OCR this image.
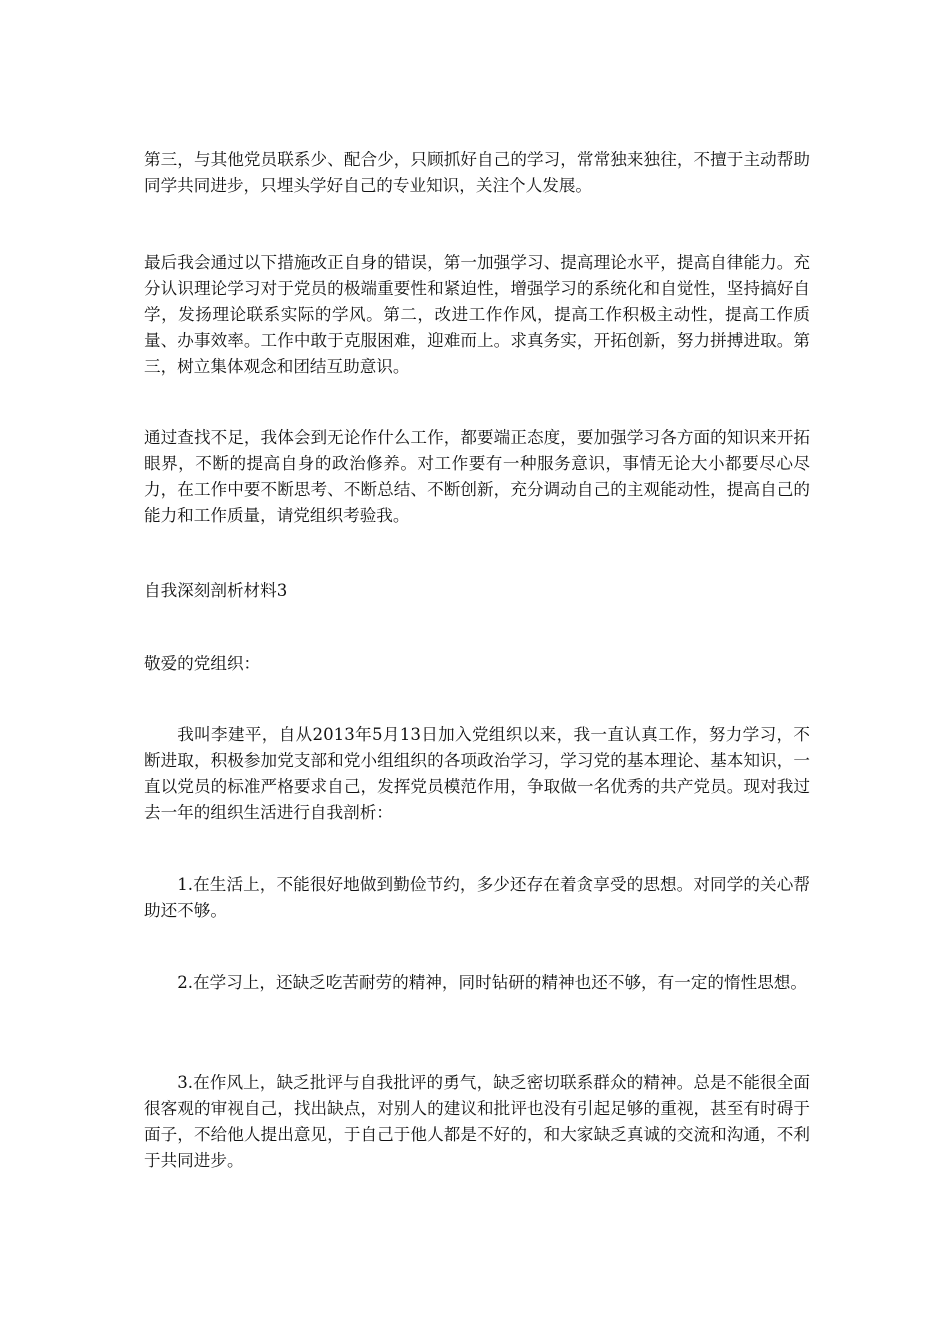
第三，与其他党员联系少、配合少，只顾抓好自己的学习，常常独来独往，不擅于主动帮助同学共同进步，只埋头学好自己的专业知识，关注个人发展。

最后我会通过以下措施改正自身的错误，第一加强学习、提高理论水平，提高自律能力。充分认识理论学习对于党员的极端重要性和紧迫性，增强学习的系统化和自觉性，坚持搞好自学，发扬理论联系实际的学风。第二，改进工作作风，提高工作积极主动性，提高工作质量、办事效率。工作中敢于克服困难，迎难而上。求真务实，开拓创新，努力拼搏进取。第三，树立集体观念和团结互助意识。

通过查找不足，我体会到无论作什么工作，都要端正态度，要加强学习各方面的知识来开拓眼界，不断的提高自身的政治修养。对工作要有一种服务意识，事情无论大小都要尽心尽力，在工作中要不断思考、不断总结、不断创新，充分调动自己的主观能动性，提高自己的能力和工作质量，请党组织考验我。

自我深刻剖析材料3

敬爱的党组织：

我叫李建平，自从2013年5月13日加入党组织以来，我一直认真工作，努力学习，不断进取，积极参加党支部和党小组组织的各项政治学习，学习党的基本理论、基本知识，一直以党员的标准严格要求自己，发挥党员模范作用，争取做一名优秀的共产党员。现对我过去一年的组织生活进行自我剖析：

1.在生活上，不能很好地做到勤俭节约，多少还存在着贪享受的思想。对同学的关心帮助还不够。

2.在学习上，还缺乏吃苦耐劳的精神，同时钻研的精神也还不够，有一定的惰性思想。

3.在作风上，缺乏批评与自我批评的勇气，缺乏密切联系群众的精神。总是不能很全面很客观的审视自己，找出缺点，对别人的建议和批评也没有引起足够的重视，甚至有时碍于面子，不给他人提出意见，于自己于他人都是不好的，和大家缺乏真诚的交流和沟通，不利于共同进步。
